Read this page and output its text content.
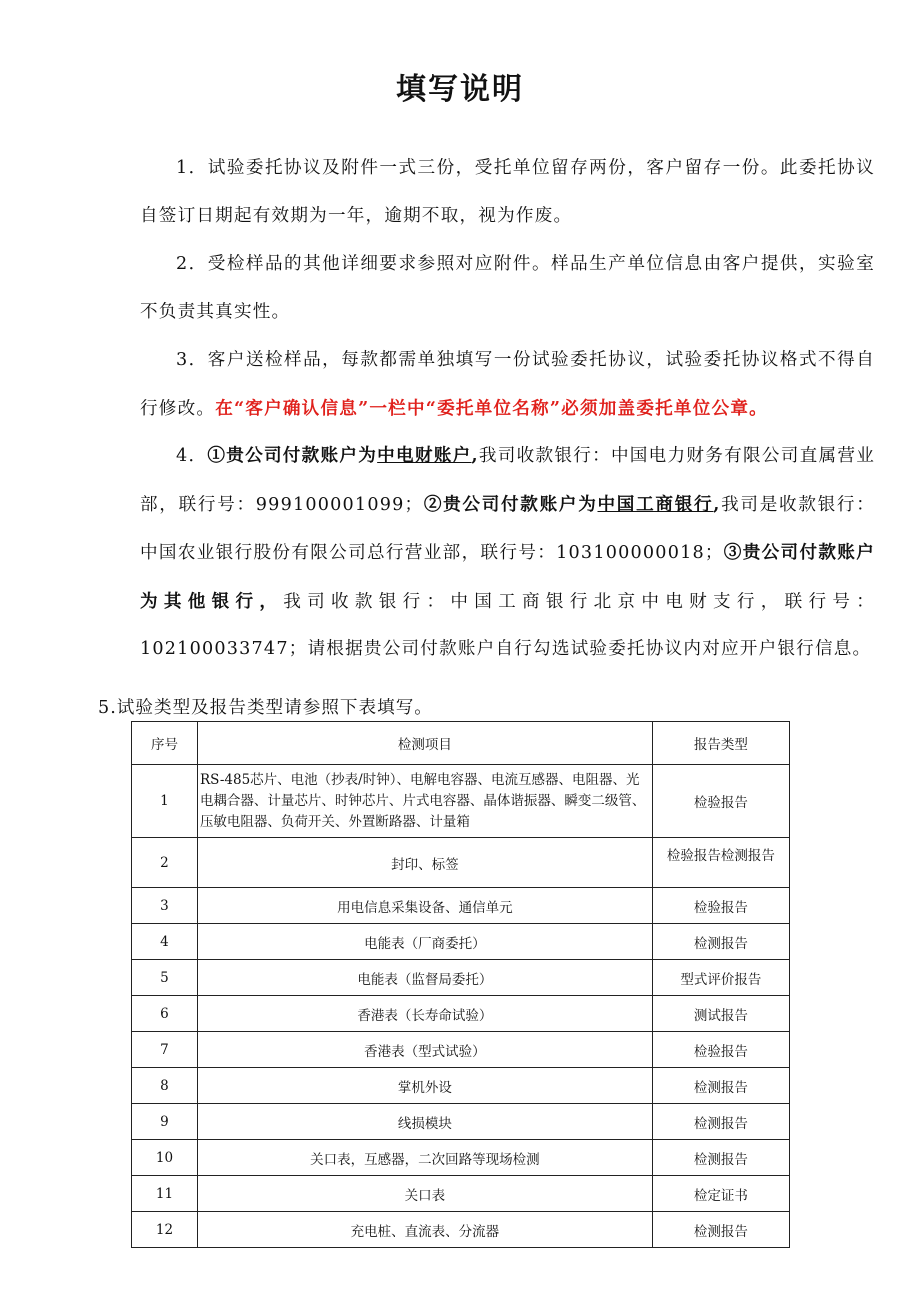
填写说明

1．试验委托协议及附件一式三份，受托单位留存两份，客户留存一份。此委托协议自签订日期起有效期为一年，逾期不取，视为作废。

2．受检样品的其他详细要求参照对应附件。样品生产单位信息由客户提供，实验室不负责其真实性。

3．客户送检样品，每款都需单独填写一份试验委托协议，试验委托协议格式不得自行修改。在“客户确认信息”一栏中“委托单位名称”必须加盖委托单位公章。

4．①贵公司付款账户为中电财账户,我司收款银行：中国电力财务有限公司直属营业部，联行号：999100001099；②贵公司付款账户为中国工商银行,我司是收款银行：中国农业银行股份有限公司总行营业部，联行号：103100000018；③贵公司付款账户为其他银行，我司收款银行：中国工商银行北京中电财支行，联行号：102100033747；请根据贵公司付款账户自行勾选试验委托协议内对应开户银行信息。

5.试验类型及报告类型请参照下表填写。
序号	检测项目	报告类型
1	RS-485芯片、电池（抄表/时钟）、电解电容器、电流互感器、电阻器、光电耦合器、计量芯片、时钟芯片、片式电容器、晶体谐振器、瞬变二级管、压敏电阻器、负荷开关、外置断路器、计量箱	检验报告
2	封印、标签	检验报告检测报告
3	用电信息采集设备、通信单元	检验报告
4	电能表（厂商委托）	检测报告
5	电能表（监督局委托）	型式评价报告
6	香港表（长寿命试验）	测试报告
7	香港表（型式试验）	检验报告
8	掌机外设	检测报告
9	线损模块	检测报告
10	关口表，互感器，二次回路等现场检测	检测报告
11	关口表	检定证书
12	充电桩、直流表、分流器	检测报告
